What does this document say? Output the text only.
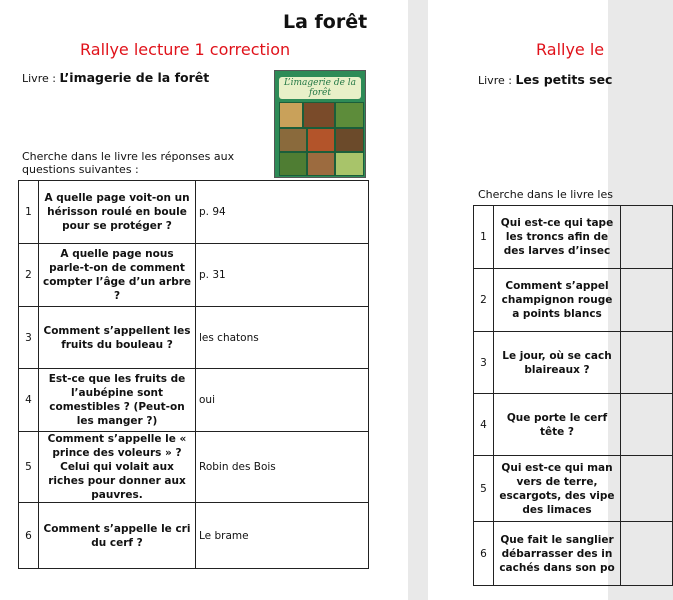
La forêt
Rallye lecture 1 correction
Livre : L’imagerie de la forêt	L’imagerie de la forêt
Cherche dans le livre les réponses aux questions suivantes :
1	A quelle page voit-on un hérisson roulé en boule pour se protéger ?	p. 94
2	A quelle page nous parle-t-on de comment compter l’âge d’un arbre ?	p. 31
3	Comment s’appellent les fruits du bouleau ?	les chatons
4	Est-ce que les fruits de l’aubépine sont comestibles ? (Peut-on les manger ?)	oui
5	Comment s’appelle le « prince des voleurs » ? Celui qui volait aux riches pour donner aux pauvres.	Robin des Bois
6	Comment s’appelle le cri du cerf ?	Le brame
Rallye le
Livre : Les petits sec
Cherche dans le livre les
1	Qui est-ce qui tape les troncs afin de des larves d’insec	
2	Comment s’appel champignon rouge a points blancs	
3	Le jour, où se cach blaireaux ?	
4	Que porte le cerf tête ?	
5	Qui est-ce qui man vers de terre, escargots, des vipe des limaces	
6	Que fait le sanglier débarrasser des in cachés dans son po	
